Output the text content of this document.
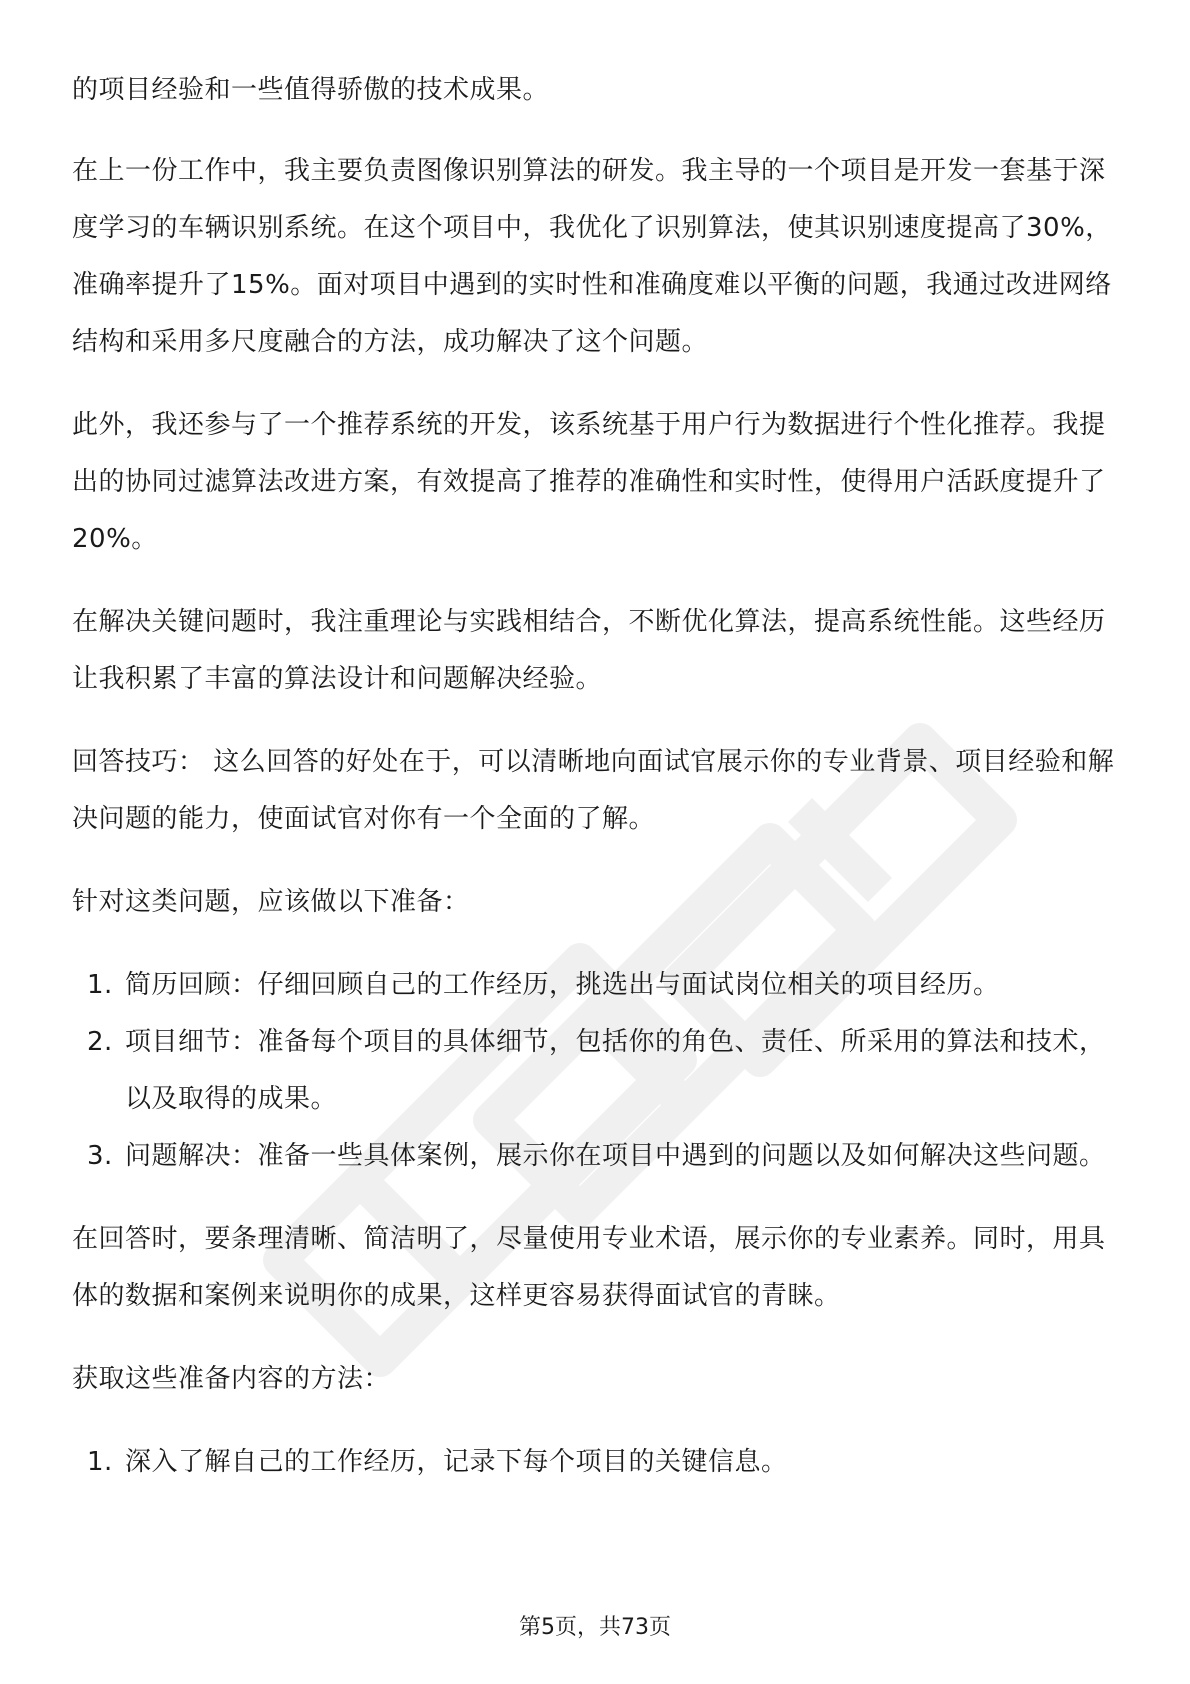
的项目经验和一些值得骄傲的技术成果。

在上一份工作中，我主要负责图像识别算法的研发。我主导的一个项目是开发一套基于深度学习的车辆识别系统。在这个项目中，我优化了识别算法，使其识别速度提高了30%，准确率提升了15%。面对项目中遇到的实时性和准确度难以平衡的问题，我通过改进网络结构和采用多尺度融合的方法，成功解决了这个问题。

此外，我还参与了一个推荐系统的开发，该系统基于用户行为数据进行个性化推荐。我提出的协同过滤算法改进方案，有效提高了推荐的准确性和实时性，使得用户活跃度提升了20%。

在解决关键问题时，我注重理论与实践相结合，不断优化算法，提高系统性能。这些经历让我积累了丰富的算法设计和问题解决经验。

回答技巧： 这么回答的好处在于，可以清晰地向面试官展示你的专业背景、项目经验和解决问题的能力，使面试官对你有一个全面的了解。

针对这类问题，应该做以下准备：

1. 简历回顾：仔细回顾自己的工作经历，挑选出与面试岗位相关的项目经历。
2. 项目细节：准备每个项目的具体细节，包括你的角色、责任、所采用的算法和技术，以及取得的成果。
3. 问题解决：准备一些具体案例，展示你在项目中遇到的问题以及如何解决这些问题。

在回答时，要条理清晰、简洁明了，尽量使用专业术语，展示你的专业素养。同时，用具体的数据和案例来说明你的成果，这样更容易获得面试官的青睐。

获取这些准备内容的方法：

1. 深入了解自己的工作经历，记录下每个项目的关键信息。
第5页，共73页
